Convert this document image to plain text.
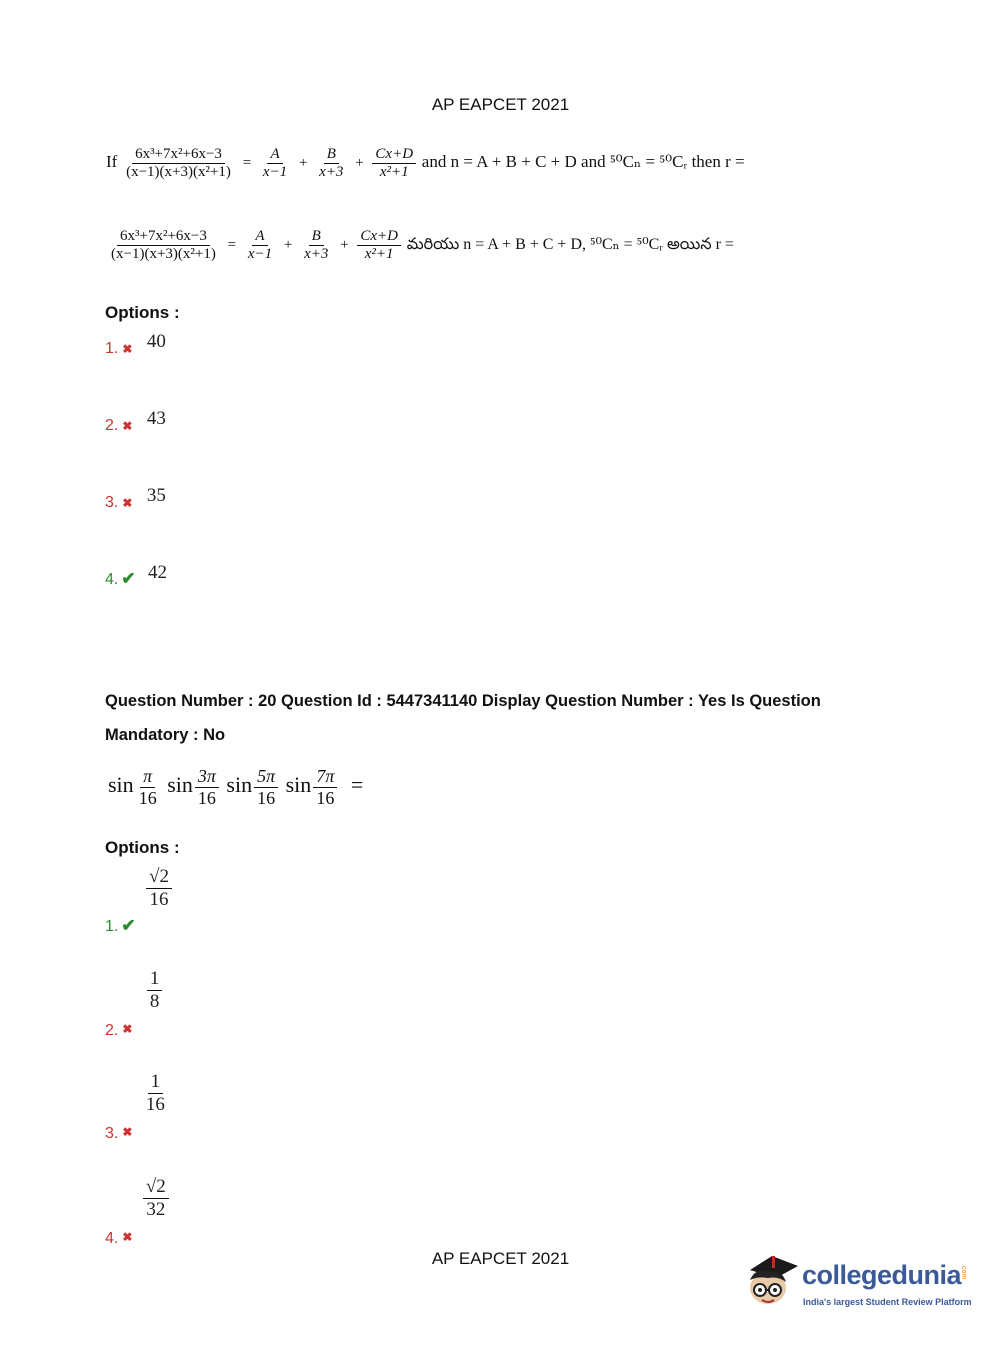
AP EAPCET 2021
If $\frac{\text{6x³+7x²+6x−3}}{\text{(x−1)(x+3)(x²+1)}} = \frac{A}{x-1} + \frac{B}{x+3} + \frac{Cx+D}{\text{x²+1}}$ and n = A + B + C + D and ⁵⁰Cₙ = ⁵⁰Cᵣ then r =
$\frac{\text{6x³+7x²+6x−3}}{\text{(x−1)(x+3)(x²+1)}} = \frac{A}{x-1} + \frac{B}{x+3} + \frac{Cx+D}{\text{x²+1}}$ మరియు n = A + B + C + D, ⁵⁰Cₙ = ⁵⁰Cᵣ అయిన r =
Options :
1. ✖ 40
2. ✖ 43
3. ✖ 35
4. ✔ 42
Question Number : 20 Question Id : 5447341140 Display Question Number : Yes Is Question
Mandatory : No
$\sin \frac{\pi}{16}$ $\sin \frac{3\pi}{16}$ $\sin \frac{5\pi}{16}$ $\sin \frac{7\pi}{16}$ =
Options :
1. ✔
$\frac{√2}{16}$
2. $_✖$
$\frac{1}{8}$
3. $_✖$
$\frac{1}{16}$
4. $_✖$
$\frac{√2}{32}$
AP EAPCET 2021
collegedunia
.com
India's largest Student Review Platform
